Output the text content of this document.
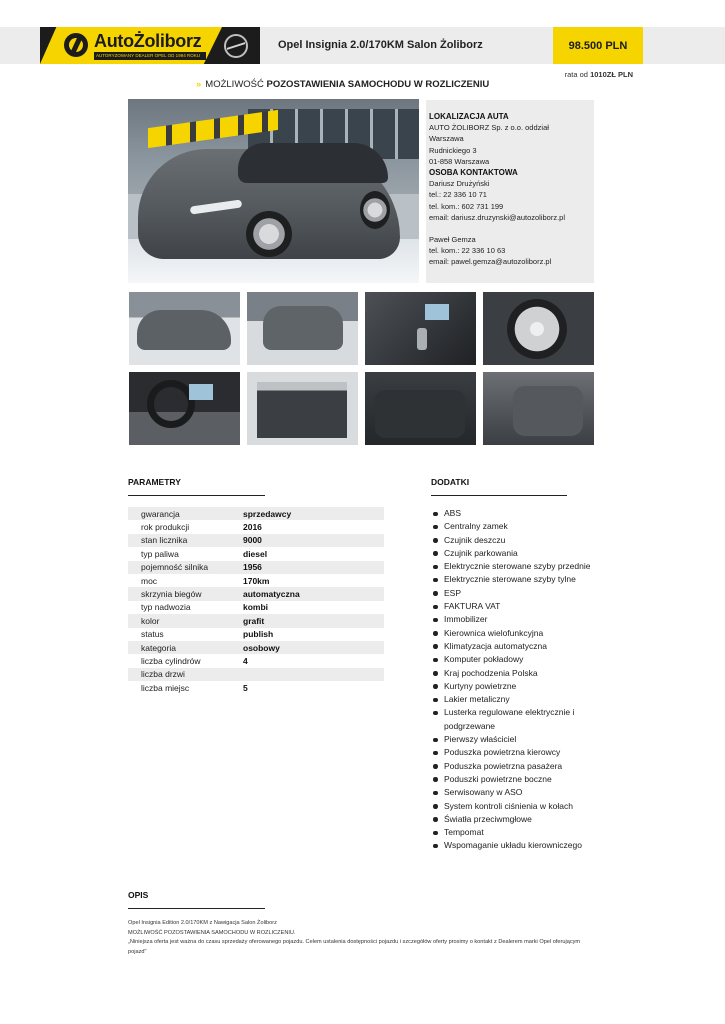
AutoŻoliborz
AUTORYZOWANY DEALER OPEL OD 1994 ROKU
Opel Insignia 2.0/170KM Salon Żoliborz	98.500 PLN
rata od 1010ZŁ PLN
» MOŻLIWOŚĆ POZOSTAWIENIA SAMOCHODU W ROZLICZENIU
LOKALIZACJA AUTA
AUTO ŻOLIBORZ Sp. z o.o. oddział
Warszawa
Rudnickiego 3
01-858 Warszawa
OSOBA KONTAKTOWA
Dariusz Drużyński
tel.: 22 336 10 71
tel. kom.: 602 731 199
email: dariusz.druzynski@autozoliborz.pl
Paweł Gemza
tel. kom.: 22 336 10 63
email: pawel.gemza@autozoliborz.pl
PARAMETRY
gwarancja	sprzedawcy
rok produkcji	2016
stan licznika	9000
typ paliwa	diesel
pojemność silnika	1956
moc	170km
skrzynia biegów	automatyczna
typ nadwozia	kombi
kolor	grafit
status	publish
kategoria	osobowy
liczba cylindrów	4
liczba drzwi
liczba miejsc	5
DODATKI
ABS
Centralny zamek
Czujnik deszczu
Czujnik parkowania
Elektrycznie sterowane szyby przednie
Elektrycznie sterowane szyby tylne
ESP
FAKTURA VAT
Immobilizer
Kierownica wielofunkcyjna
Klimatyzacja automatyczna
Komputer pokładowy
Kraj pochodzenia Polska
Kurtyny powietrzne
Lakier metaliczny
Lusterka regulowane elektrycznie i podgrzewane
Pierwszy właściciel
Poduszka powietrzna kierowcy
Poduszka powietrzna pasażera
Poduszki powietrzne boczne
Serwisowany w ASO
System kontroli ciśnienia w kołach
Światła przeciwmgłowe
Tempomat
Wspomaganie układu kierowniczego
OPIS
Opel Insignia Edition 2.0/170KM z Nawigacja Salon Żoliborz
MOŻLIWOŚĆ POZOSTAWIENIA SAMOCHODU W ROZLICZENIU.
„Niniejsza oferta jest ważna do czasu sprzedaży oferowanego pojazdu. Celem ustalenia dostępności pojazdu i szczegółów oferty prosimy o kontakt z Dealerem marki Opel oferującym pojazd"
